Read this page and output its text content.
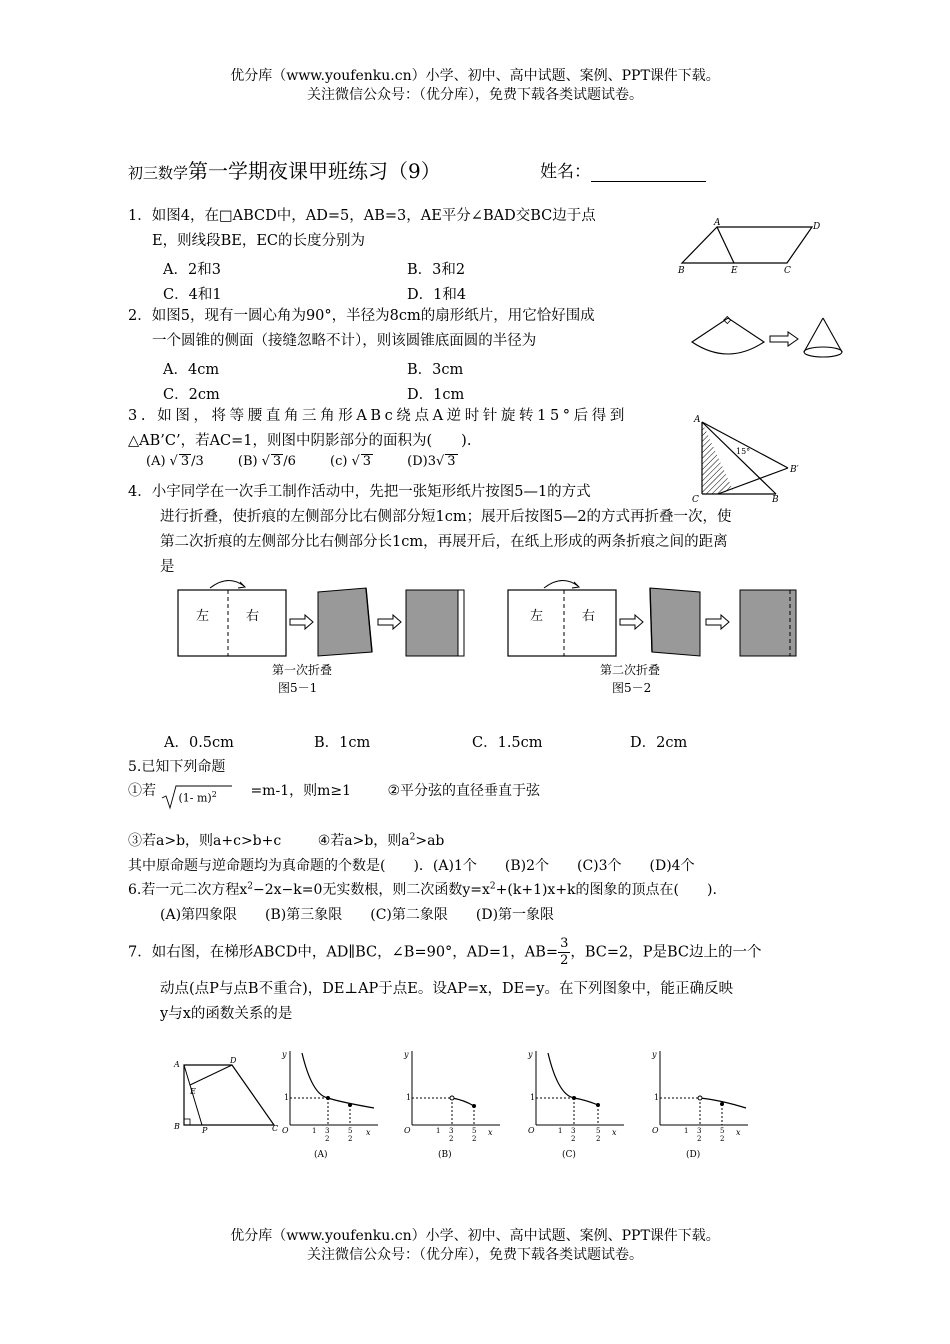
优分库（www.youfenku.cn）小学、初中、高中试题、案例、PPT课件下载。
关注微信公众号：（优分库），免费下载各类试题试卷。
初三数学第一学期夜课甲班练习（9）	姓名：
1．如图4，在□ABCD中，AD=5，AB=3，AE平分∠BAD交BC边于点
E，则线段BE，EC的长度分别为
A．2和3	B．3和2
C．4和1	D．1和4
A	D
B	E	C
2．如图5，现有一圆心角为90°，半径为8cm的扇形纸片，用它恰好围成
一个圆锥的侧面（接缝忽略不计），则该圆锥底面圆的半径为
A．4cm	B．3cm
C．2cm	D．1cm
3. 如图，将等腰直角三角形ABc绕点A逆时针旋转15°后得到
△AB’C’，若AC=1，则图中阴影部分的面积为(　　).
(A) √ 3 /3	(B) √ 3 /6	(c) √ 3	(D)3√ 3
A
15°
B′
C	B
4．小宇同学在一次手工制作活动中，先把一张矩形纸片按图5—1的方式
进行折叠，使折痕的左侧部分比右侧部分短1cm；展开后按图5—2的方式再折叠一次，使
第二次折痕的左侧部分比右侧部分长1cm，再展开后，在纸上形成的两条折痕之间的距离
是
左	右
第一次折叠
图5－1
左	右
第二次折叠
图5－2
A．0.5cm	B．1cm	C．1.5cm	D．2cm
5.已知下列命题
①若 (1- m)$^2$ =m-1，则m≥1	②平分弦的直径垂直于弦
③若a>b，则a+c>b+c	④若a>b，则$a^2>ab$
其中原命题与逆命题均为真命题的个数是(　　)．(A)1个　　(B)2个　　(C)3个　　(D)4个
6.若一元二次方程$x^2-2x-k=0$无实数根，则二次函数$y=x^2+(k+1)x+k$的图象的顶点在(　　).
(A)第四象限　　(B)第三象限　　(C)第二象限　　(D)第一象限
7．如右图，在梯形ABCD中，AD∥BC，∠B=90°，AD=1，$AB= \frac{3}{2}$ ，BC=2，P是BC边上的一个
动点(点P与点B不重合)，DE⊥AP于点E。设AP=x，DE=y。在下列图象中，能正确反映
y与x的函数关系的是
A	D
E
B	P	C
y
x
O
1
1 3
2
5
2
(A)
y
x
O
1
1 3
2
5
2
(B)
y
x
O
1
1 3
2
5
2
(C)
y
x
O
1
1 3
2
5
2
(D)
优分库（www.youfenku.cn）小学、初中、高中试题、案例、PPT课件下载。
关注微信公众号：（优分库），免费下载各类试题试卷。
